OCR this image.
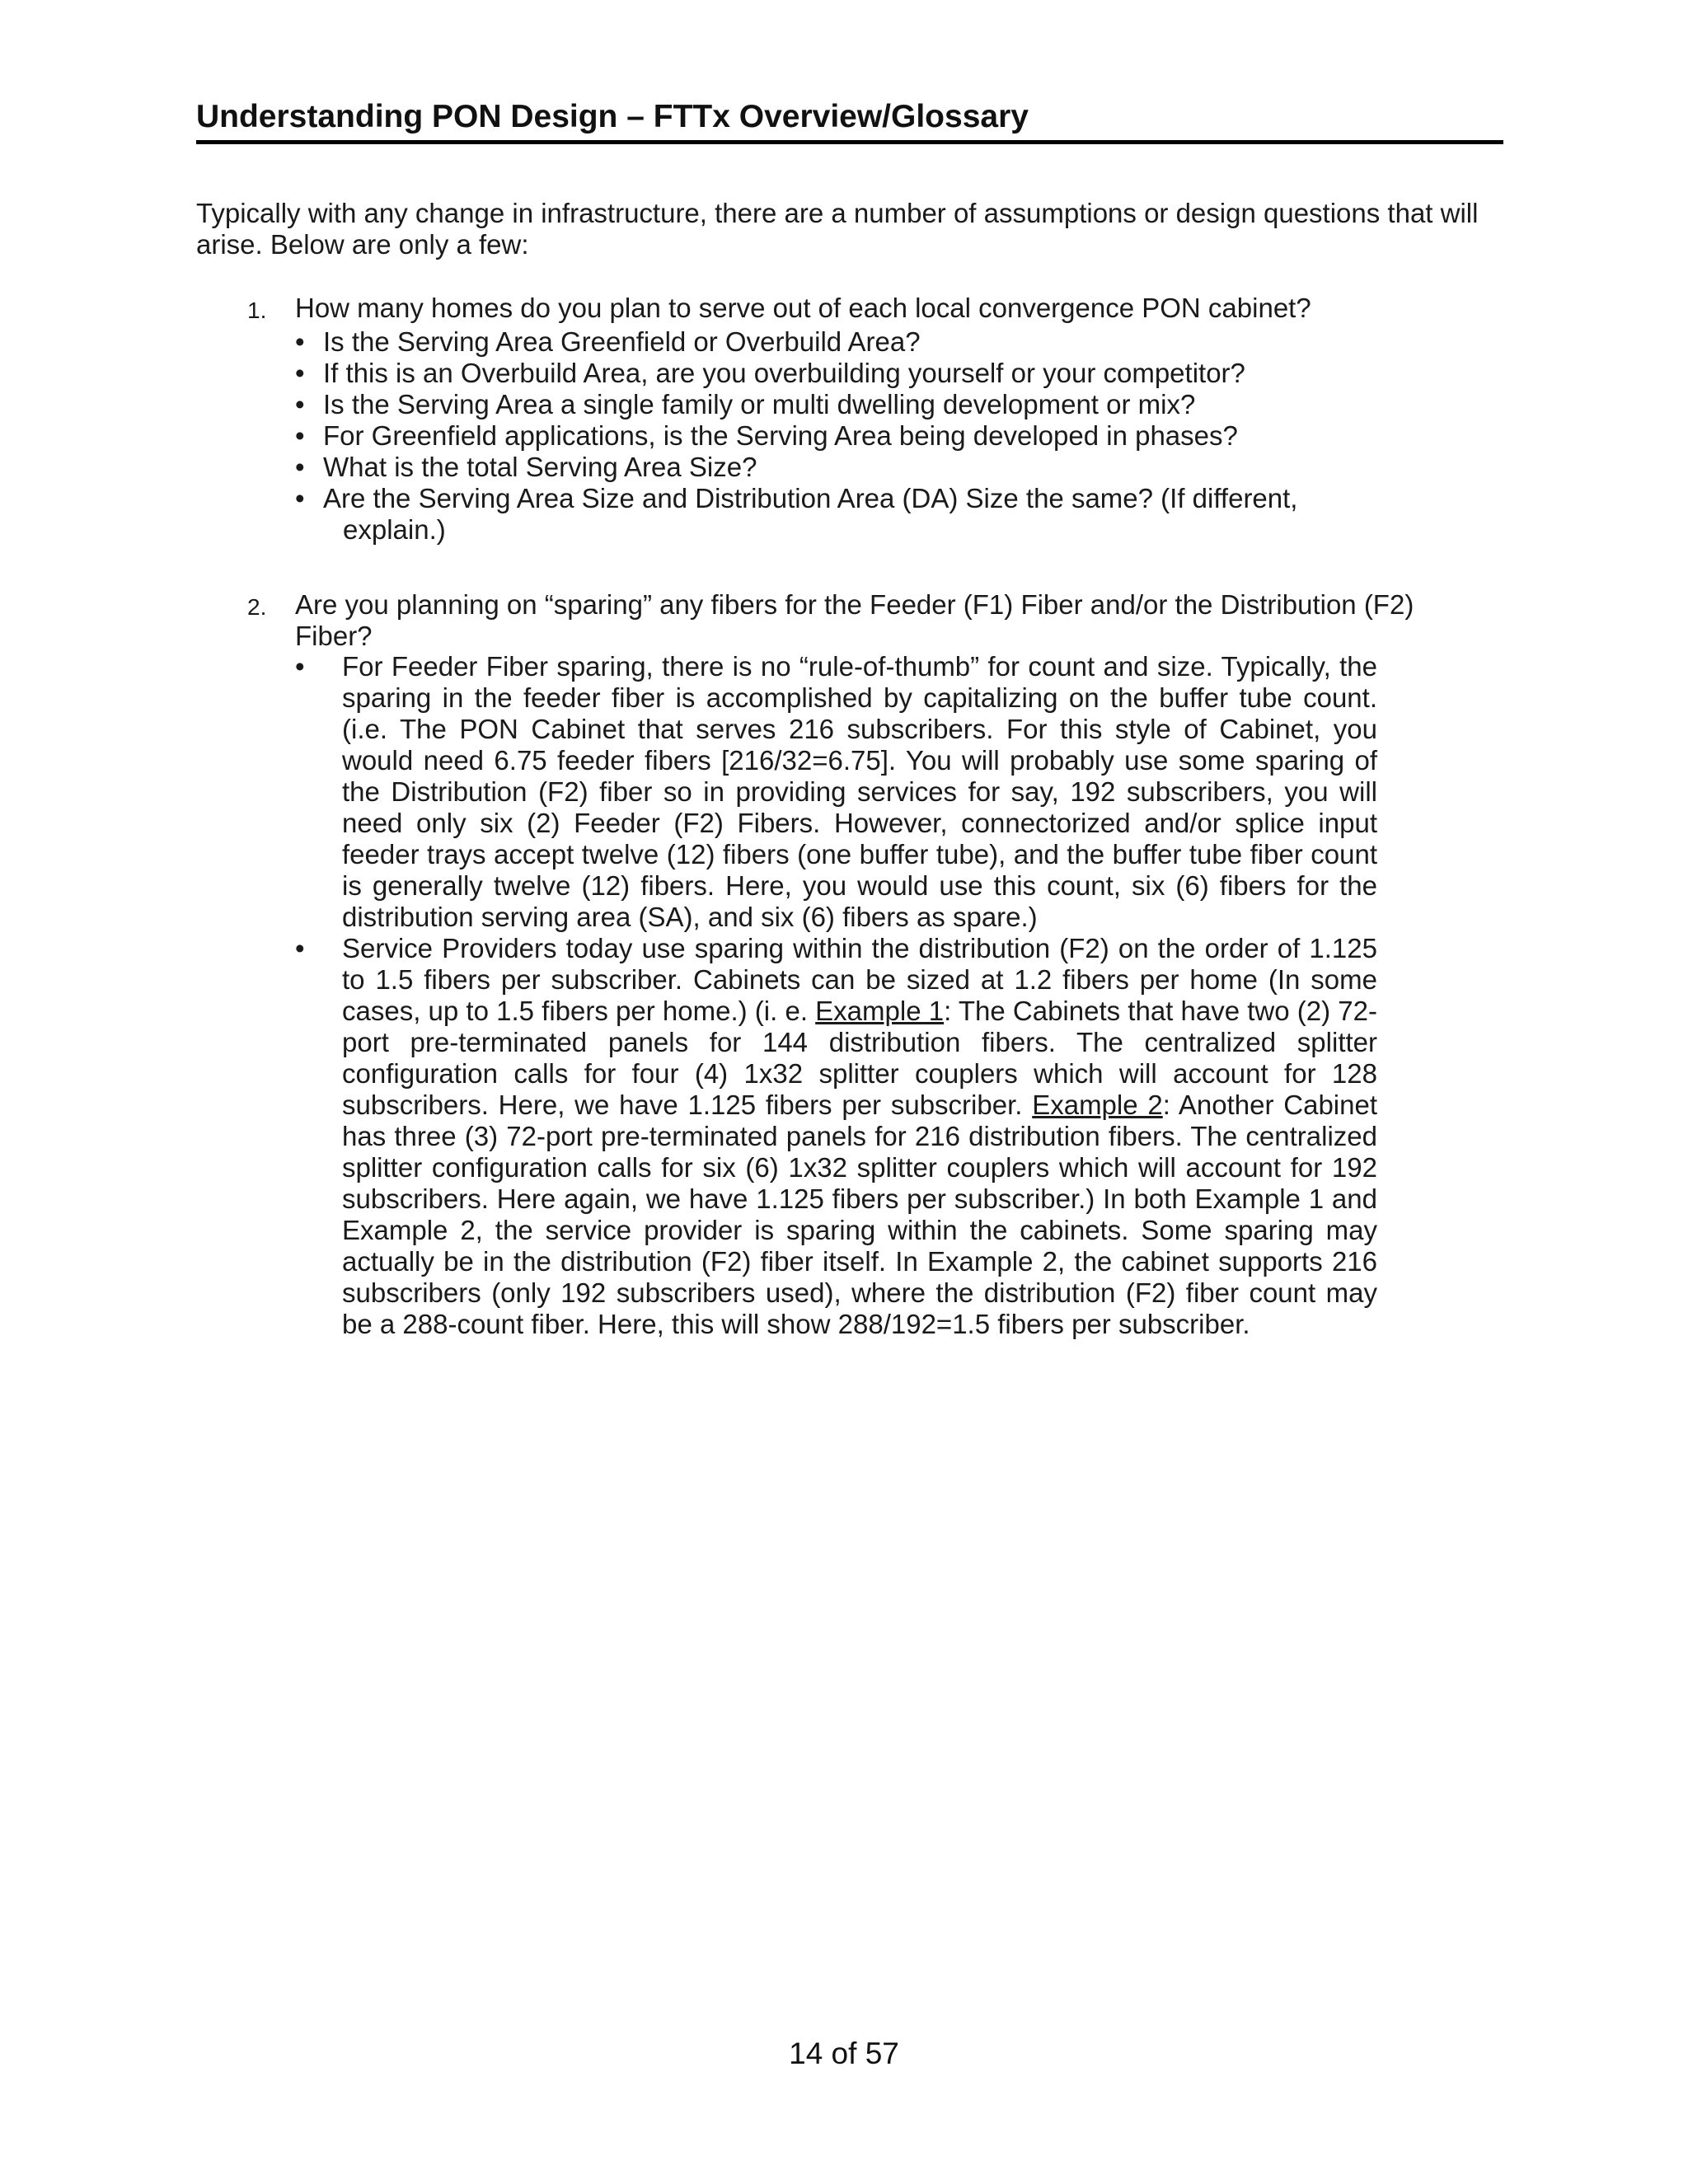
Understanding PON Design – FTTx Overview/Glossary

Typically with any change in infrastructure, there are a number of assumptions or design questions that will arise. Below are only a few:

1. How many homes do you plan to serve out of each local convergence PON cabinet?
• Is the Serving Area Greenfield or Overbuild Area?
• If this is an Overbuild Area, are you overbuilding yourself or your competitor?
• Is the Serving Area a single family or multi dwelling development or mix?
• For Greenfield applications, is the Serving Area being developed in phases?
• What is the total Serving Area Size?
• Are the Serving Area Size and Distribution Area (DA) Size the same? (If different,
explain.)
2. Are you planning on “sparing” any fibers for the Feeder (F1) Fiber and/or the Distribution (F2) Fiber?
• For Feeder Fiber sparing, there is no “rule-of-thumb” for count and size. Typically, the sparing in the feeder fiber is accomplished by capitalizing on the buffer tube count. (i.e. The PON Cabinet that serves 216 subscribers. For this style of Cabinet, you would need 6.75 feeder fibers [216/32=6.75]. You will probably use some sparing of the Distribution (F2) fiber so in providing services for say, 192 subscribers, you will need only six (2) Feeder (F2) Fibers. However, connectorized and/or splice input feeder trays accept twelve (12) fibers (one buffer tube), and the buffer tube fiber count is generally twelve (12) fibers. Here, you would use this count, six (6) fibers for the distribution serving area (SA), and six (6) fibers as spare.)
• Service Providers today use sparing within the distribution (F2) on the order of 1.125 to 1.5 fibers per subscriber. Cabinets can be sized at 1.2 fibers per home (In some cases, up to 1.5 fibers per home.) (i. e. Example 1: The Cabinets that have two (2) 72-port pre-terminated panels for 144 distribution fibers. The centralized splitter configuration calls for four (4) 1x32 splitter couplers which will account for 128 subscribers. Here, we have 1.125 fibers per subscriber. Example 2: Another Cabinet has three (3) 72-port pre-terminated panels for 216 distribution fibers. The centralized splitter configuration calls for six (6) 1x32 splitter couplers which will account for 192 subscribers. Here again, we have 1.125 fibers per subscriber.) In both Example 1 and Example 2, the service provider is sparing within the cabinets. Some sparing may actually be in the distribution (F2) fiber itself. In Example 2, the cabinet supports 216 subscribers (only 192 subscribers used), where the distribution (F2) fiber count may be a 288-count fiber. Here, this will show 288/192=1.5 fibers per subscriber.
14 of 57
